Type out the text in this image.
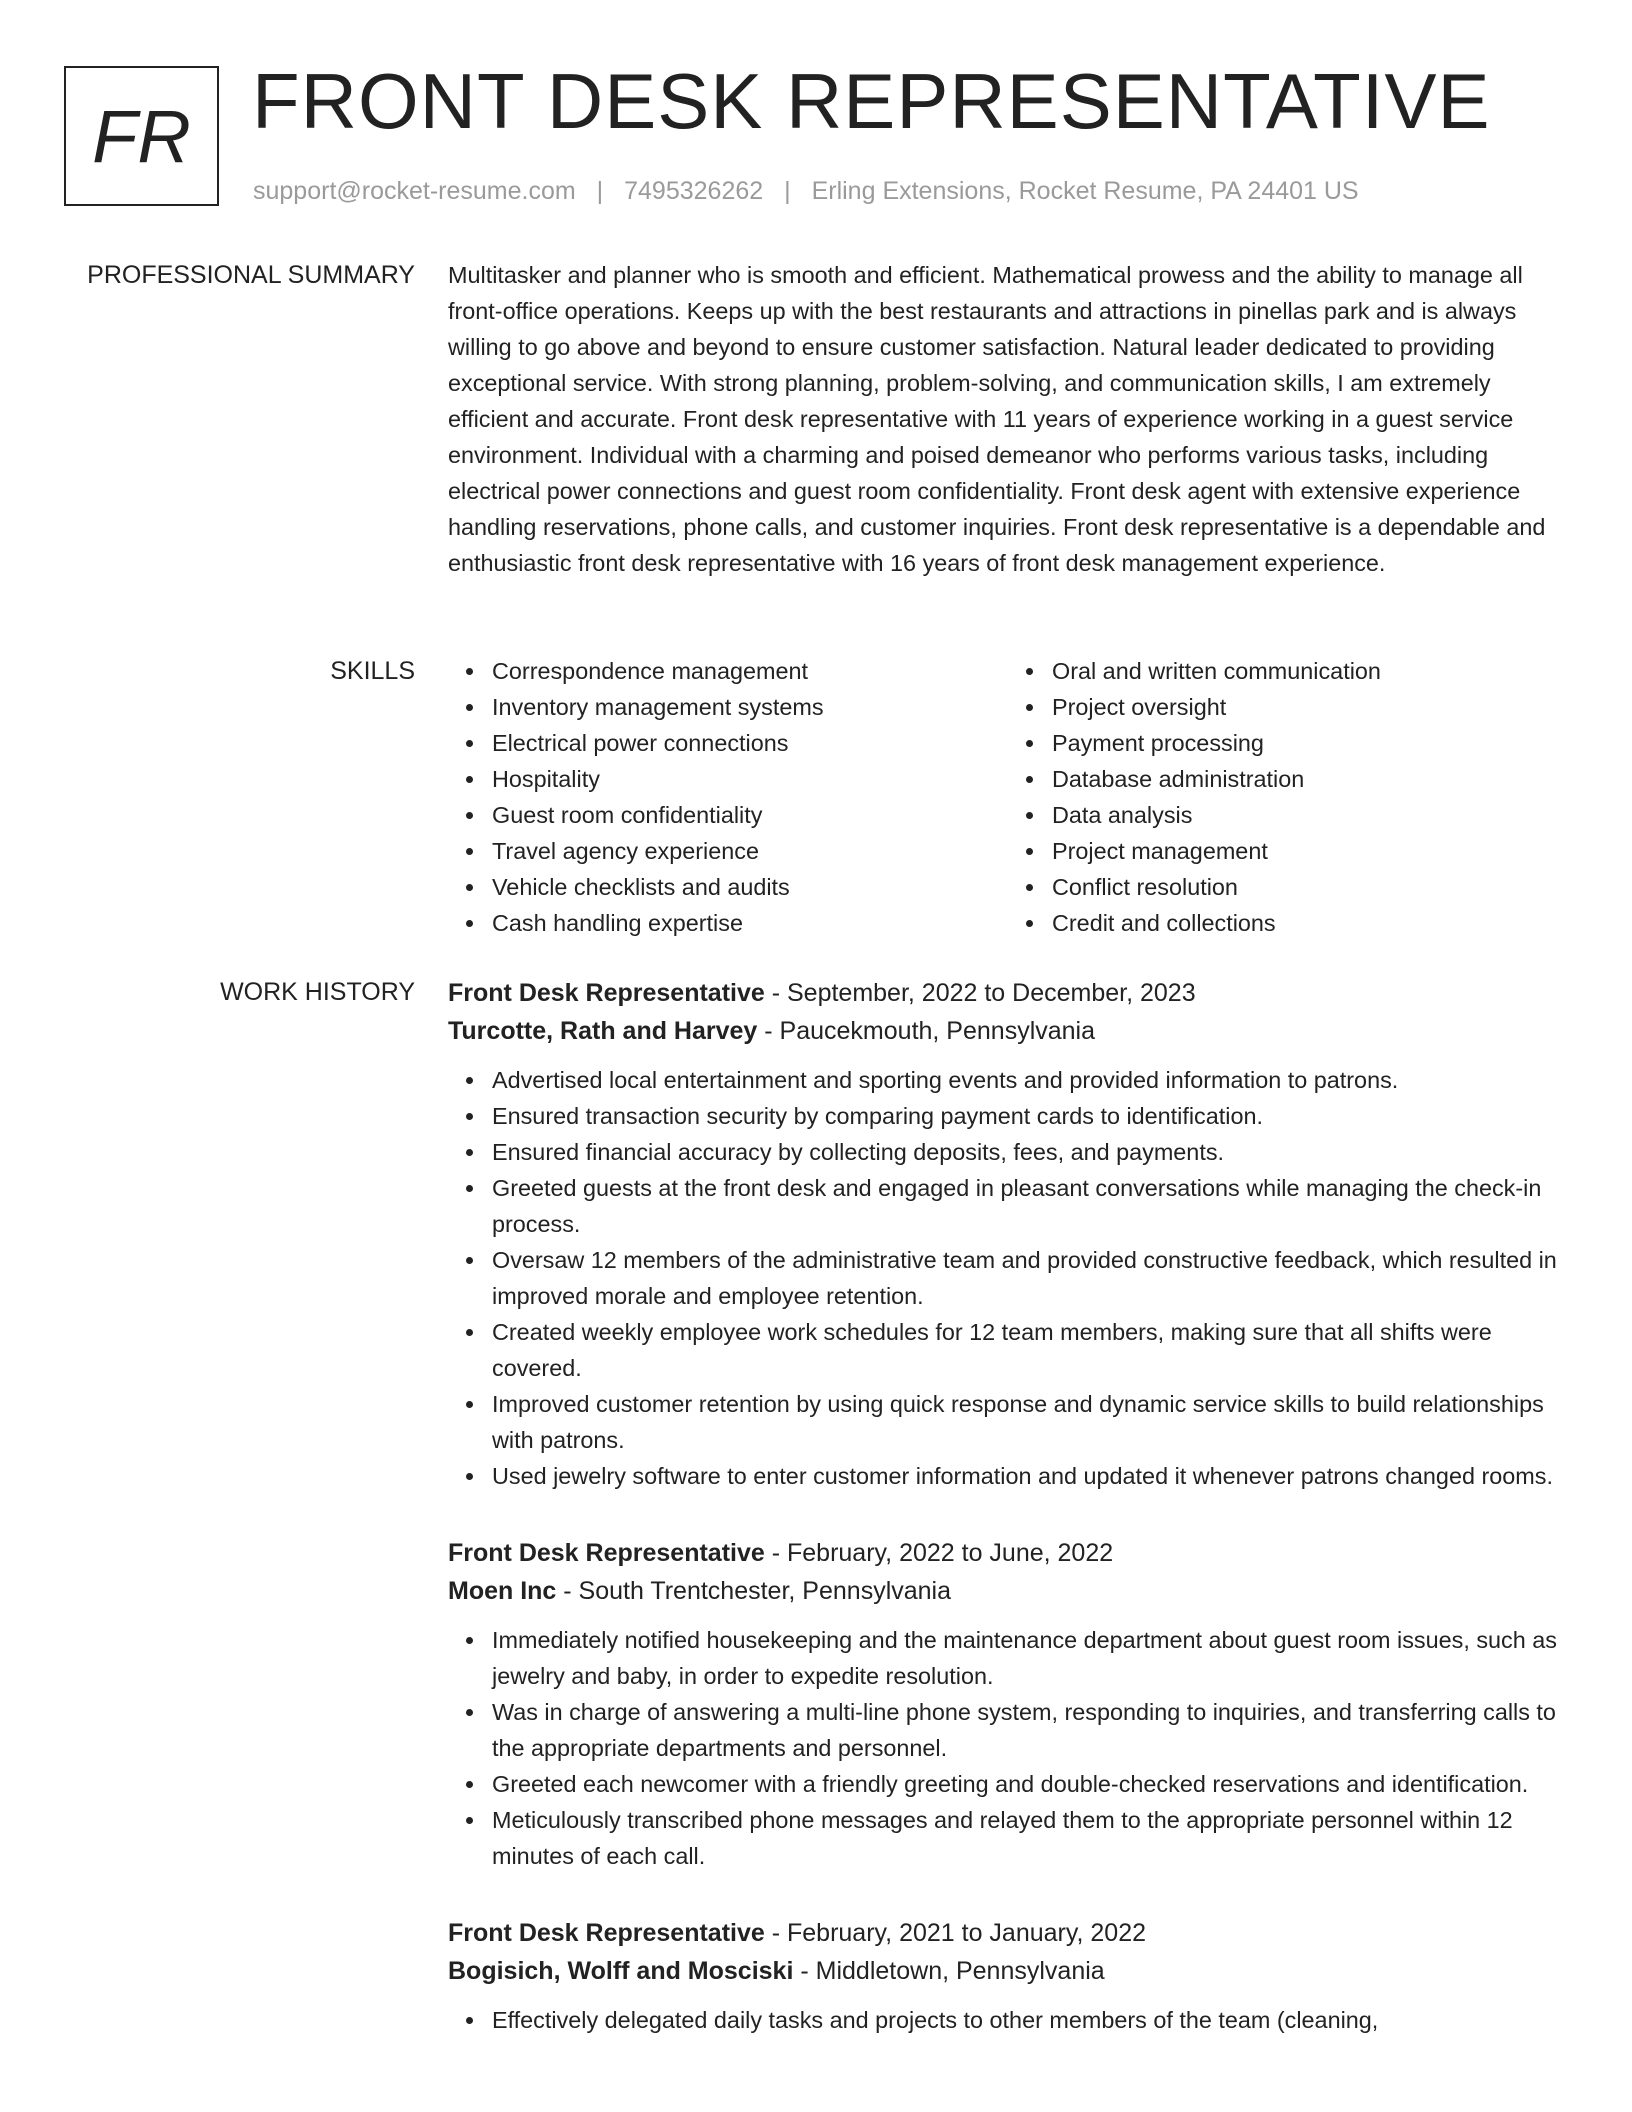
FR FRONT DESK REPRESENTATIVE
support@rocket-resume.com | 7495326262 | Erling Extensions, Rocket Resume, PA 24401 US
PROFESSIONAL SUMMARY Multitasker and planner who is smooth and efficient. Mathematical prowess and the ability to manage all front-office operations. Keeps up with the best restaurants and attractions in pinellas park and is always willing to go above and beyond to ensure customer satisfaction. Natural leader dedicated to providing exceptional service. With strong planning, problem-solving, and communication skills, I am extremely efficient and accurate. Front desk representative with 11 years of experience working in a guest service environment. Individual with a charming and poised demeanor who performs various tasks, including electrical power connections and guest room confidentiality. Front desk agent with extensive experience handling reservations, phone calls, and customer inquiries. Front desk representative is a dependable and enthusiastic front desk representative with 16 years of front desk management experience.

SKILLS	Correspondence management
Inventory management systems
Electrical power connections
Hospitality
Guest room confidentiality
Travel agency experience
Vehicle checklists and audits
Cash handling expertise
Oral and written communication
Project oversight
Payment processing
Database administration
Data analysis
Project management
Conflict resolution
Credit and collections
WORK HISTORY Front Desk Representative - September, 2022 to December, 2023
Turcotte, Rath and Harvey - Paucekmouth, Pennsylvania
Advertised local entertainment and sporting events and provided information to patrons.
Ensured transaction security by comparing payment cards to identification.
Ensured financial accuracy by collecting deposits, fees, and payments.
Greeted guests at the front desk and engaged in pleasant conversations while managing the check-in process.
Oversaw 12 members of the administrative team and provided constructive feedback, which resulted in improved morale and employee retention.
Created weekly employee work schedules for 12 team members, making sure that all shifts were covered.
Improved customer retention by using quick response and dynamic service skills to build relationships with patrons.
Used jewelry software to enter customer information and updated it whenever patrons changed rooms.
Front Desk Representative - February, 2022 to June, 2022
Moen Inc - South Trentchester, Pennsylvania
Immediately notified housekeeping and the maintenance department about guest room issues, such as jewelry and baby, in order to expedite resolution.
Was in charge of answering a multi-line phone system, responding to inquiries, and transferring calls to the appropriate departments and personnel.
Greeted each newcomer with a friendly greeting and double-checked reservations and identification.
Meticulously transcribed phone messages and relayed them to the appropriate personnel within 12 minutes of each call.
Front Desk Representative - February, 2021 to January, 2022
Bogisich, Wolff and Mosciski - Middletown, Pennsylvania
Effectively delegated daily tasks and projects to other members of the team (cleaning,
